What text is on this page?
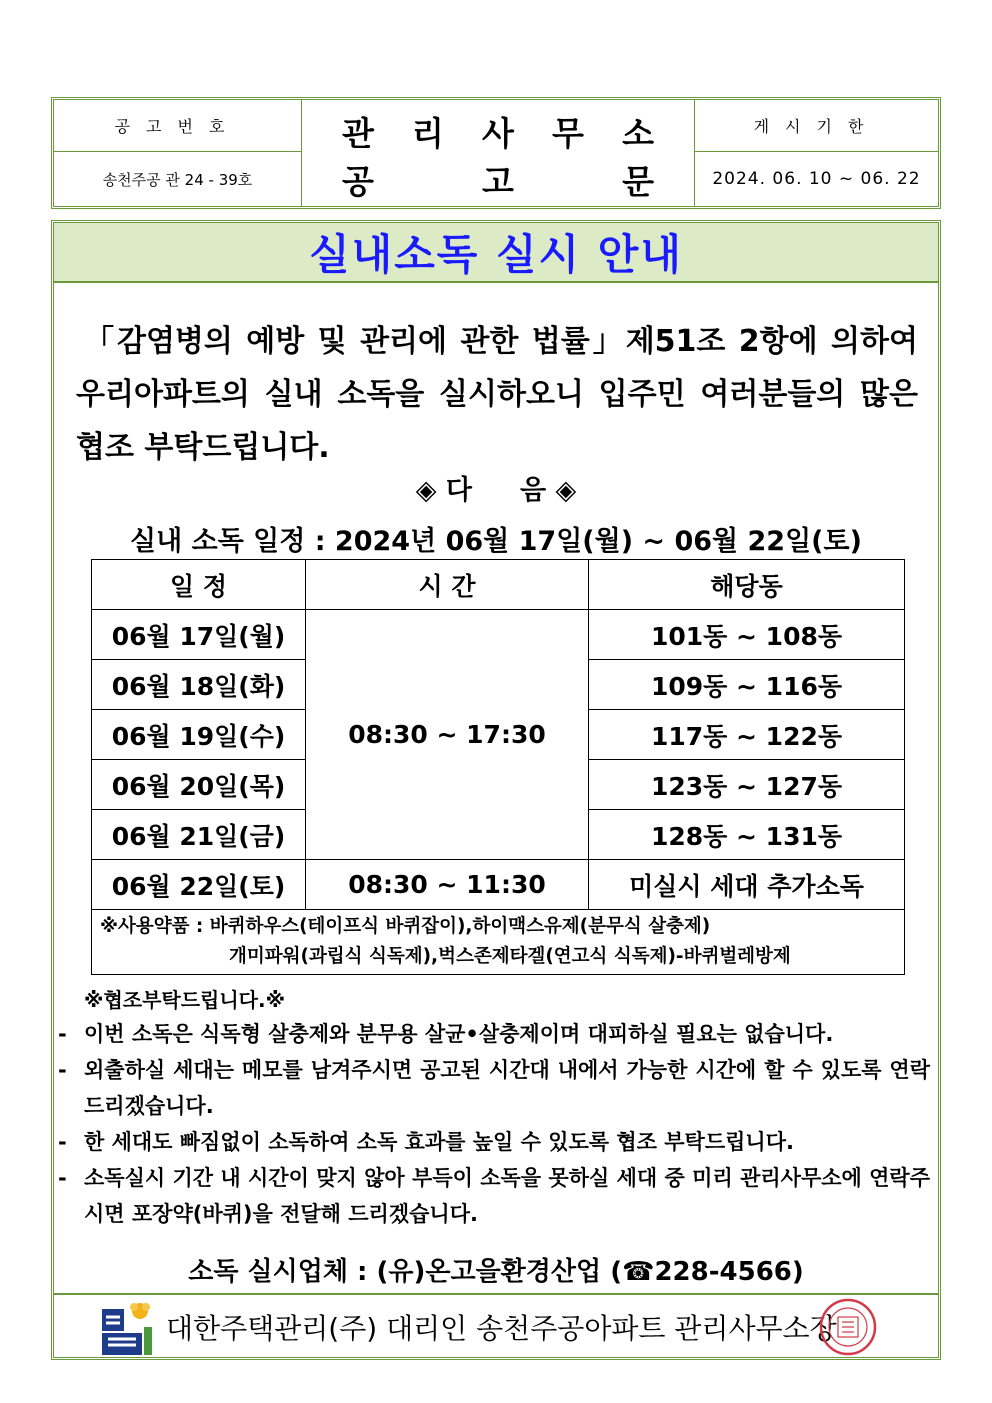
공고번호
송천주공 관 24 - 39호
관 리 사 무 소
공	고	문
게시기한
2024. 06. 10 ~ 06. 22
실내소독 실시 안내
「감염병의 예방 및 관리에 관한 법률」제51조 2항에 의하여 우리아파트의 실내 소독을 실시하오니 입주민 여러분들의 많은 협조 부탁드립니다.
◈ 다 음 ◈
실내 소독 일정 : 2024년 06월 17일(월) ~ 06월 22일(토)
일 정	시 간	해당동
06월 17일(월)	08:30 ~ 17:30	101동 ~ 108동
06월 18일(화)		109동 ~ 116동
06월 19일(수)		117동 ~ 122동
06월 20일(목)		123동 ~ 127동
06월 21일(금)		128동 ~ 131동
06월 22일(토)	08:30 ~ 11:30	미실시 세대 추가소독

※사용약품 : 바퀴하우스(테이프식 바퀴잡이),하이맥스유제(분무식 살충제)
개미파워(과립식 식독제),벅스존제타겔(연고식 식독제)-바퀴벌레방제		
※협조부탁드립니다.※
- 이번 소독은 식독형 살충제와 분무용 살균•살충제이며 대피하실 필요는 없습니다.
- 외출하실 세대는 메모를 남겨주시면 공고된 시간대 내에서 가능한 시간에 할 수 있도록 연락 드리겠습니다.
- 한 세대도 빠짐없이 소독하여 소독 효과를 높일 수 있도록 협조 부탁드립니다.
- 소독실시 기간 내 시간이 맞지 않아 부득이 소독을 못하실 세대 중 미리 관리사무소에 연락주시면 포장약(바퀴)을 전달해 드리겠습니다.
소독 실시업체 : (유)온고을환경산업 (☎228-4566)
대한주택관리(주) 대리인 송천주공아파트 관리사무소장
